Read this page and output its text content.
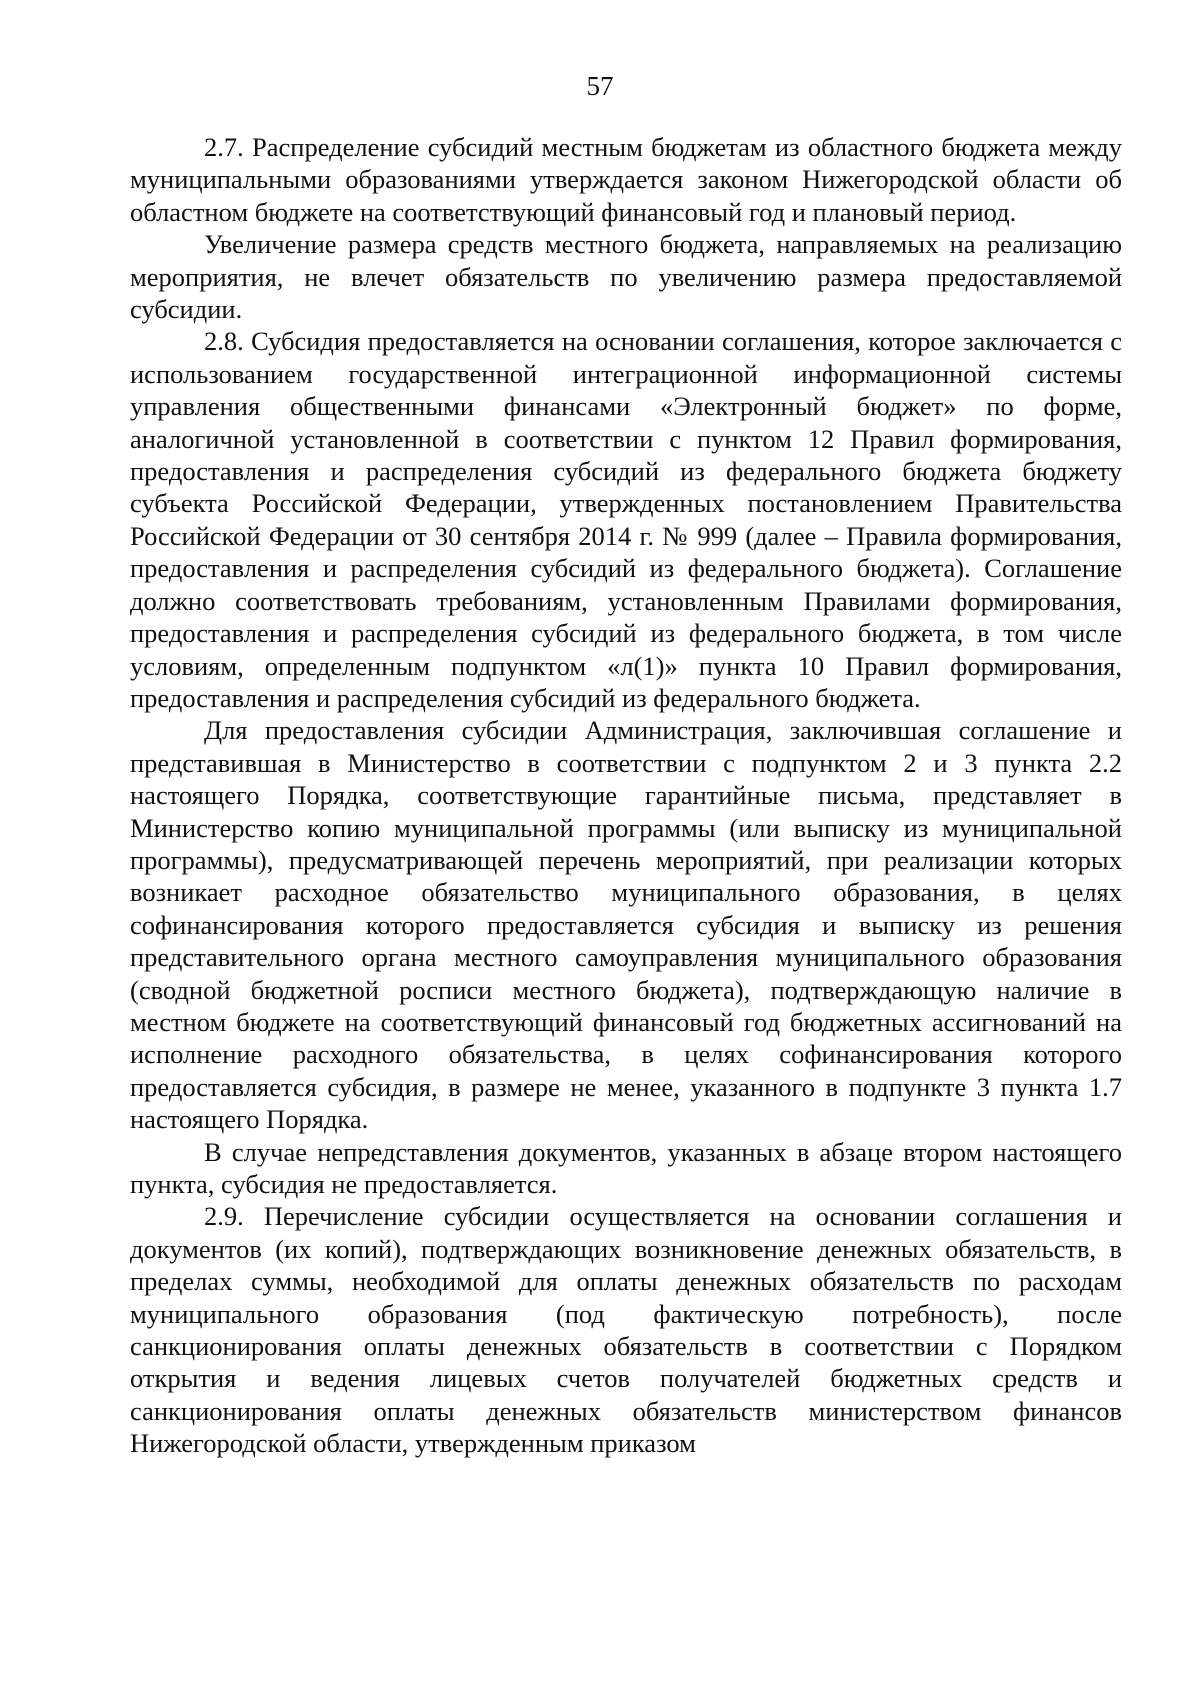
57

2.7. Распределение субсидий местным бюджетам из областного бюджета между муниципальными образованиями утверждается законом Нижегородской области об областном бюджете на соответствующий финансовый год и плановый период.

Увеличение размера средств местного бюджета, направляемых на реализацию мероприятия, не влечет обязательств по увеличению размера предоставляемой субсидии.

2.8. Субсидия предоставляется на основании соглашения, которое заключается с использованием государственной интеграционной информационной системы управления общественными финансами «Электронный бюджет» по форме, аналогичной установленной в соответствии с пунктом 12 Правил формирования, предоставления и распределения субсидий из федерального бюджета бюджету субъекта Российской Федерации, утвержденных постановлением Правительства Российской Федерации от 30 сентября 2014 г. № 999 (далее – Правила формирования, предоставления и распределения субсидий из федерального бюджета). Соглашение должно соответствовать требованиям, установленным Правилами формирования, предоставления и распределения субсидий из федерального бюджета, в том числе условиям, определенным подпунктом «л(1)» пункта 10 Правил формирования, предоставления и распределения субсидий из федерального бюджета.

Для предоставления субсидии Администрация, заключившая соглашение и представившая в Министерство в соответствии с подпунктом 2 и 3 пункта 2.2 настоящего Порядка, соответствующие гарантийные письма, представляет в Министерство копию муниципальной программы (или выписку из муниципальной программы), предусматривающей перечень мероприятий, при реализации которых возникает расходное обязательство муниципального образования, в целях софинансирования которого предоставляется субсидия и выписку из решения представительного органа местного самоуправления муниципального образования (сводной бюджетной росписи местного бюджета), подтверждающую наличие в местном бюджете на соответствующий финансовый год бюджетных ассигнований на исполнение расходного обязательства, в целях софинансирования которого предоставляется субсидия, в размере не менее, указанного в подпункте 3 пункта 1.7 настоящего Порядка.

В случае непредставления документов, указанных в абзаце втором настоящего пункта, субсидия не предоставляется.

2.9. Перечисление субсидии осуществляется на основании соглашения и документов (их копий), подтверждающих возникновение денежных обязательств, в пределах суммы, необходимой для оплаты денежных обязательств по расходам муниципального образования (под фактическую потребность), после санкционирования оплаты денежных обязательств в соответствии с Порядком открытия и ведения лицевых счетов получателей бюджетных средств и санкционирования оплаты денежных обязательств министерством финансов Нижегородской области, утвержденным приказом
